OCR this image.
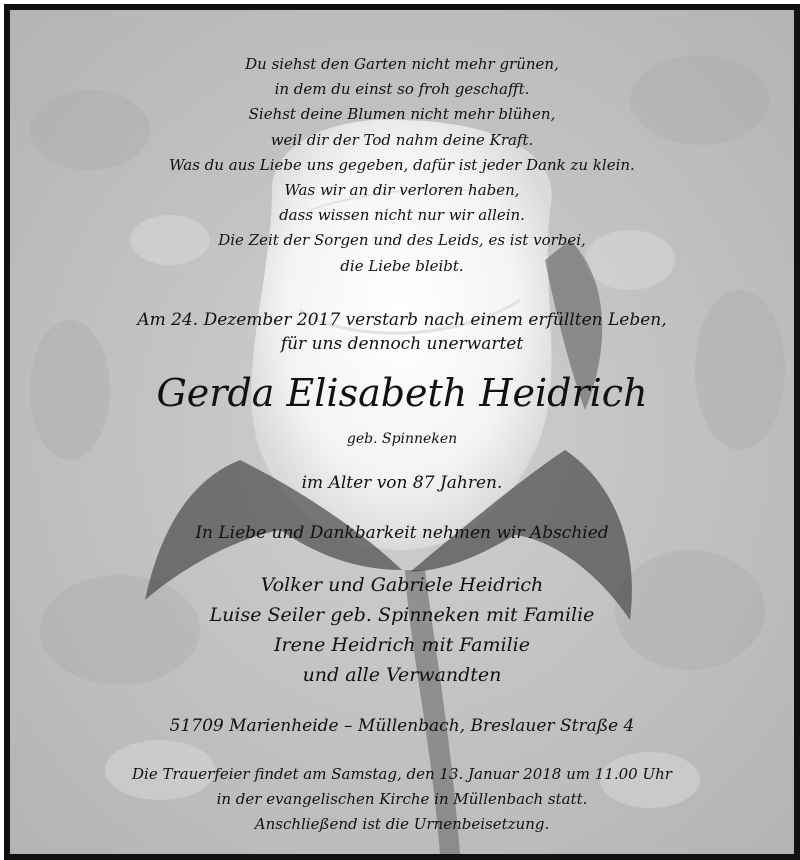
Du siehst den Garten nicht mehr grünen,
in dem du einst so froh geschafft.
Siehst deine Blumen nicht mehr blühen,
weil dir der Tod nahm deine Kraft.
Was du aus Liebe uns gegeben, dafür ist jeder Dank zu klein.
Was wir an dir verloren haben,
dass wissen nicht nur wir allein.
Die Zeit der Sorgen und des Leids, es ist vorbei,
die Liebe bleibt.
Am 24. Dezember 2017 verstarb nach einem erfüllten Leben,
für uns dennoch unerwartet
Gerda Elisabeth Heidrich
geb. Spinneken
im Alter von 87 Jahren.
In Liebe und Dankbarkeit nehmen wir Abschied
Volker und Gabriele Heidrich
Luise Seiler geb. Spinneken mit Familie
Irene Heidrich mit Familie
und alle Verwandten
51709 Marienheide – Müllenbach, Breslauer Straße 4
Die Trauerfeier findet am Samstag, den 13. Januar 2018 um 11.00 Uhr
in der evangelischen Kirche in Müllenbach statt.
Anschließend ist die Urnenbeisetzung.
